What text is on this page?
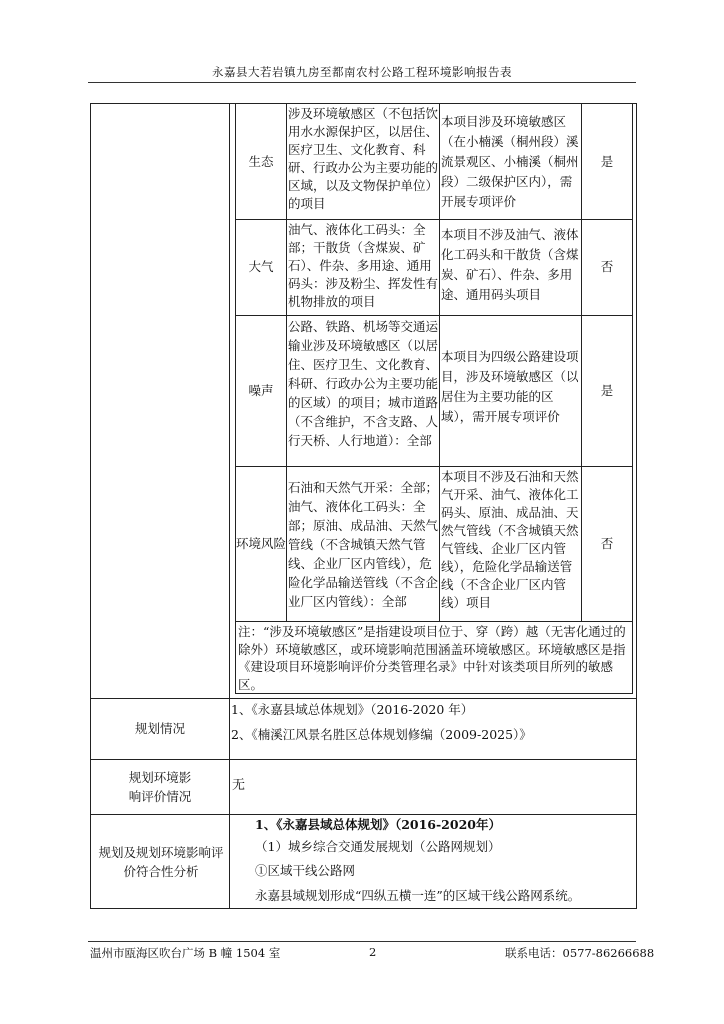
永嘉县大若岩镇九房至都南农村公路工程环境影响报告表
生态
涉及环境敏感区（不包括饮用水水源保护区，以居住、医疗卫生、文化教育、科研、行政办公为主要功能的区域，以及文物保护单位）的项目
本项目涉及环境敏感区（在小楠溪（桐州段）溪流景观区、小楠溪（桐州段）二级保护区内），需开展专项评价
是
大气
油气、液体化工码头：全部；干散货（含煤炭、矿石）、件杂、多用途、通用码头：涉及粉尘、挥发性有机物排放的项目
本项目不涉及油气、液体化工码头和干散货（含煤炭、矿石）、件杂、多用途、通用码头项目
否
噪声
公路、铁路、机场等交通运输业涉及环境敏感区（以居住、医疗卫生、文化教育、科研、行政办公为主要功能的区域）的项目；城市道路（不含维护，不含支路、人行天桥、人行地道）：全部
本项目为四级公路建设项目，涉及环境敏感区（以居住为主要功能的区域），需开展专项评价
是
环境风险
石油和天然气开采：全部；油气、液体化工码头：全部；原油、成品油、天然气管线（不含城镇天然气管线、企业厂区内管线），危险化学品输送管线（不含企业厂区内管线）：全部
本项目不涉及石油和天然气开采、油气、液体化工码头、原油、成品油、天然气管线（不含城镇天然气管线、企业厂区内管线），危险化学品输送管线（不含企业厂区内管线）项目
否
注：“涉及环境敏感区”是指建设项目位于、穿（跨）越（无害化通过的除外）环境敏感区，或环境影响范围涵盖环境敏感区。环境敏感区是指《建设项目环境影响评价分类管理名录》中针对该类项目所列的敏感区。
规划情况
1、《永嘉县域总体规划》（2016-2020 年）
2、《楠溪江风景名胜区总体规划修编（2009-2025）》
规划环境影响评价情况
无
规划及规划环境影响评价符合性分析
1、《永嘉县域总体规划》（2016-2020年）
（1）城乡综合交通发展规划（公路网规划）
①区域干线公路网
永嘉县域规划形成“四纵五横一连”的区域干线公路网系统。
温州市瓯海区吹台广场 B 幢 1504 室	2	联系电话：0577-86266688
